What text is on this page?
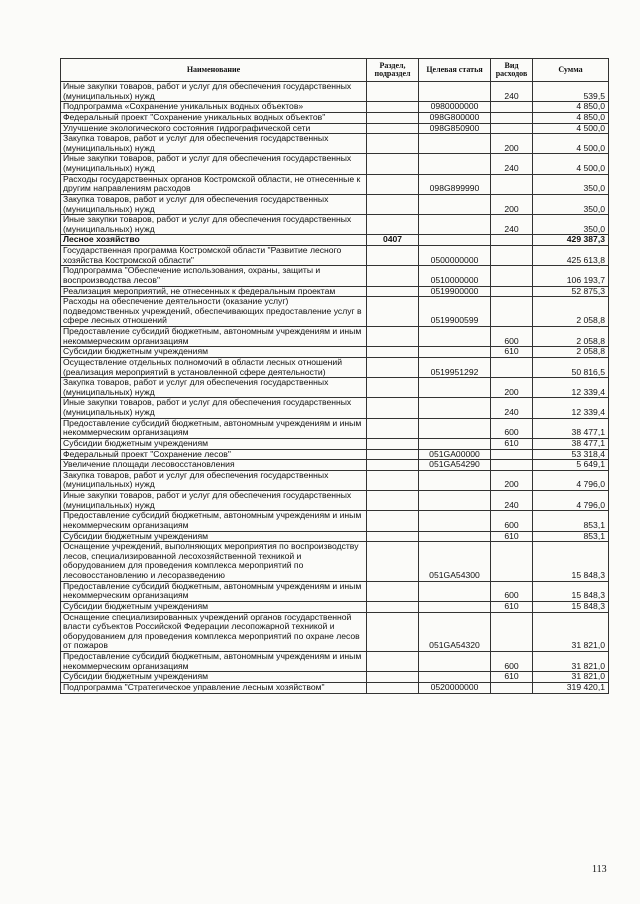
Наименование	Раздел, подраздел	Целевая статья	Вид расходов	Сумма
Иные закупки товаров, работ и услуг для обеспечения государственных (муниципальных) нужд			240	539,5
Подпрограмма «Сохранение уникальных водных объектов»		0980000000		4 850,0
Федеральный проект "Сохранение уникальных водных объектов"		098G800000		4 850,0
Улучшение экологического состояния гидрографической сети		098G850900		4 500,0
Закупка товаров, работ и услуг для обеспечения государственных (муниципальных) нужд			200	4 500,0
Иные закупки товаров, работ и услуг для обеспечения государственных (муниципальных) нужд			240	4 500,0
Расходы государственных органов Костромской области, не отнесенные к другим направлениям расходов		098G899990		350,0
Закупка товаров, работ и услуг для обеспечения государственных (муниципальных) нужд			200	350,0
Иные закупки товаров, работ и услуг для обеспечения государственных (муниципальных) нужд			240	350,0
Лесное хозяйство	0407			429 387,3
Государственная программа Костромской области "Развитие лесного хозяйства Костромской области"		0500000000		425 613,8
Подпрограмма "Обеспечение использования, охраны, защиты и воспроизводства лесов"		0510000000		106 193,7
Реализация мероприятий, не отнесенных к федеральным проектам		0519900000		52 875,3
Расходы на обеспечение деятельности (оказание услуг) подведомственных учреждений, обеспечивающих предоставление услуг в сфере лесных отношений		0519900599		2 058,8
Предоставление субсидий бюджетным, автономным учреждениям и иным некоммерческим организациям			600	2 058,8
Субсидии бюджетным учреждениям			610	2 058,8
Осуществление отдельных полномочий в области лесных отношений (реализация мероприятий в установленной сфере деятельности)		0519951292		50 816,5
Закупка товаров, работ и услуг для обеспечения государственных (муниципальных) нужд			200	12 339,4
Иные закупки товаров, работ и услуг для обеспечения государственных (муниципальных) нужд			240	12 339,4
Предоставление субсидий бюджетным, автономным учреждениям и иным некоммерческим организациям			600	38 477,1
Субсидии бюджетным учреждениям			610	38 477,1
Федеральный проект "Сохранение лесов"		051GA00000		53 318,4
Увеличение площади лесовосстановления		051GA54290		5 649,1
Закупка товаров, работ и услуг для обеспечения государственных (муниципальных) нужд			200	4 796,0
Иные закупки товаров, работ и услуг для обеспечения государственных (муниципальных) нужд			240	4 796,0
Предоставление субсидий бюджетным, автономным учреждениям и иным некоммерческим организациям			600	853,1
Субсидии бюджетным учреждениям			610	853,1
Оснащение учреждений, выполняющих мероприятия по воспроизводству лесов, специализированной лесохозяйственной техникой и оборудованием для проведения комплекса мероприятий по лесовосстановлению и лесоразведению		051GA54300		15 848,3
Предоставление субсидий бюджетным, автономным учреждениям и иным некоммерческим организациям			600	15 848,3
Субсидии бюджетным учреждениям			610	15 848,3
Оснащение специализированных учреждений органов государственной власти субъектов Российской Федерации лесопожарной техникой и оборудованием для проведения комплекса мероприятий по охране лесов от пожаров		051GA54320		31 821,0
Предоставление субсидий бюджетным, автономным учреждениям и иным некоммерческим организациям			600	31 821,0
Субсидии бюджетным учреждениям			610	31 821,0
Подпрограмма "Стратегическое управление лесным хозяйством"		0520000000		319 420,1
113
